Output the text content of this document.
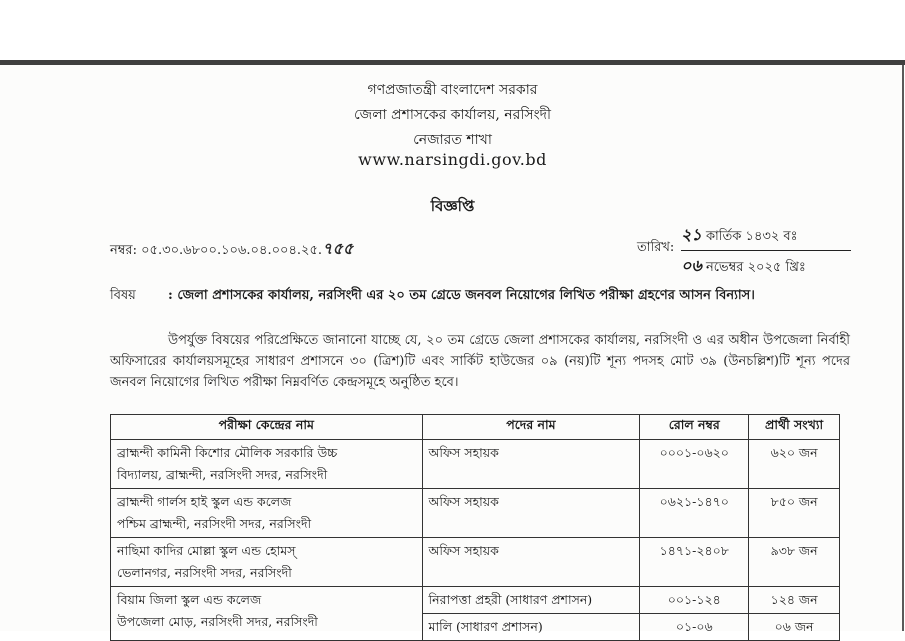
গণপ্রজাতন্ত্রী বাংলাদেশ সরকার
জেলা প্রশাসকের কার্যালয়, নরসিংদী
নেজারত শাখা
www.narsingdi.gov.bd
বিজ্ঞপ্তি
নম্বর: ০৫.৩০.৬৮০০.১০৬.০৪.০০৪.২৫.৭৫৫	তারিখ:
২১ কার্তিক ১৪৩২ বঃ
০৬ নভেম্বর ২০২৫ খ্রিঃ
বিষয় : জেলা প্রশাসকের কার্যালয়, নরসিংদী এর ২০ তম গ্রেডে জনবল নিয়োগের লিখিত পরীক্ষা গ্রহণের আসন বিন্যাস।
উপর্যুক্ত বিষয়ের পরিপ্রেক্ষিতে জানানো যাচ্ছে যে, ২০ তম গ্রেডে জেলা প্রশাসকের কার্যালয়, নরসিংদী ও এর অধীন উপজেলা নির্বাহী অফিসারের কার্যালয়সমূহের সাধারণ প্রশাসনে ৩০ (ত্রিশ)টি এবং সার্কিট হাউজের ০৯ (নয়)টি শূন্য পদসহ মোট ৩৯ (উনচল্লিশ)টি শূন্য পদের জনবল নিয়োগের লিখিত পরীক্ষা নিম্নবর্ণিত কেন্দ্রসমূহে অনুষ্ঠিত হবে।
পরীক্ষা কেন্দ্রের নাম	পদের নাম	রোল নম্বর	প্রার্থী সংখ্যা

ব্রাহ্মন্দী কামিনী কিশোর মৌলিক সরকারি উচ্চ
বিদ্যালয়, ব্রাহ্মন্দী, নরসিংদী সদর, নরসিংদী	অফিস সহায়ক	০০০১-০৬২০	৬২০ জন

ব্রাহ্মন্দী গার্লস হাই স্কুল এন্ড কলেজ
পশ্চিম ব্রাহ্মন্দী, নরসিংদী সদর, নরসিংদী	অফিস সহায়ক	০৬২১-১৪৭০	৮৫০ জন

নাছিমা কাদির মোল্লা স্কুল এন্ড হোমস্
ভেলানগর, নরসিংদী সদর, নরসিংদী	অফিস সহায়ক	১৪৭১-২৪০৮	৯৩৮ জন

বিয়াম জিলা স্কুল এন্ড কলেজ
উপজেলা মোড়, নরসিংদী সদর, নরসিংদী	নিরাপত্তা প্রহরী (সাধারণ প্রশাসন)	০০১-১২৪	১২৪ জন

	মালি (সাধারণ প্রশাসন)	০১-০৬	০৬ জন
